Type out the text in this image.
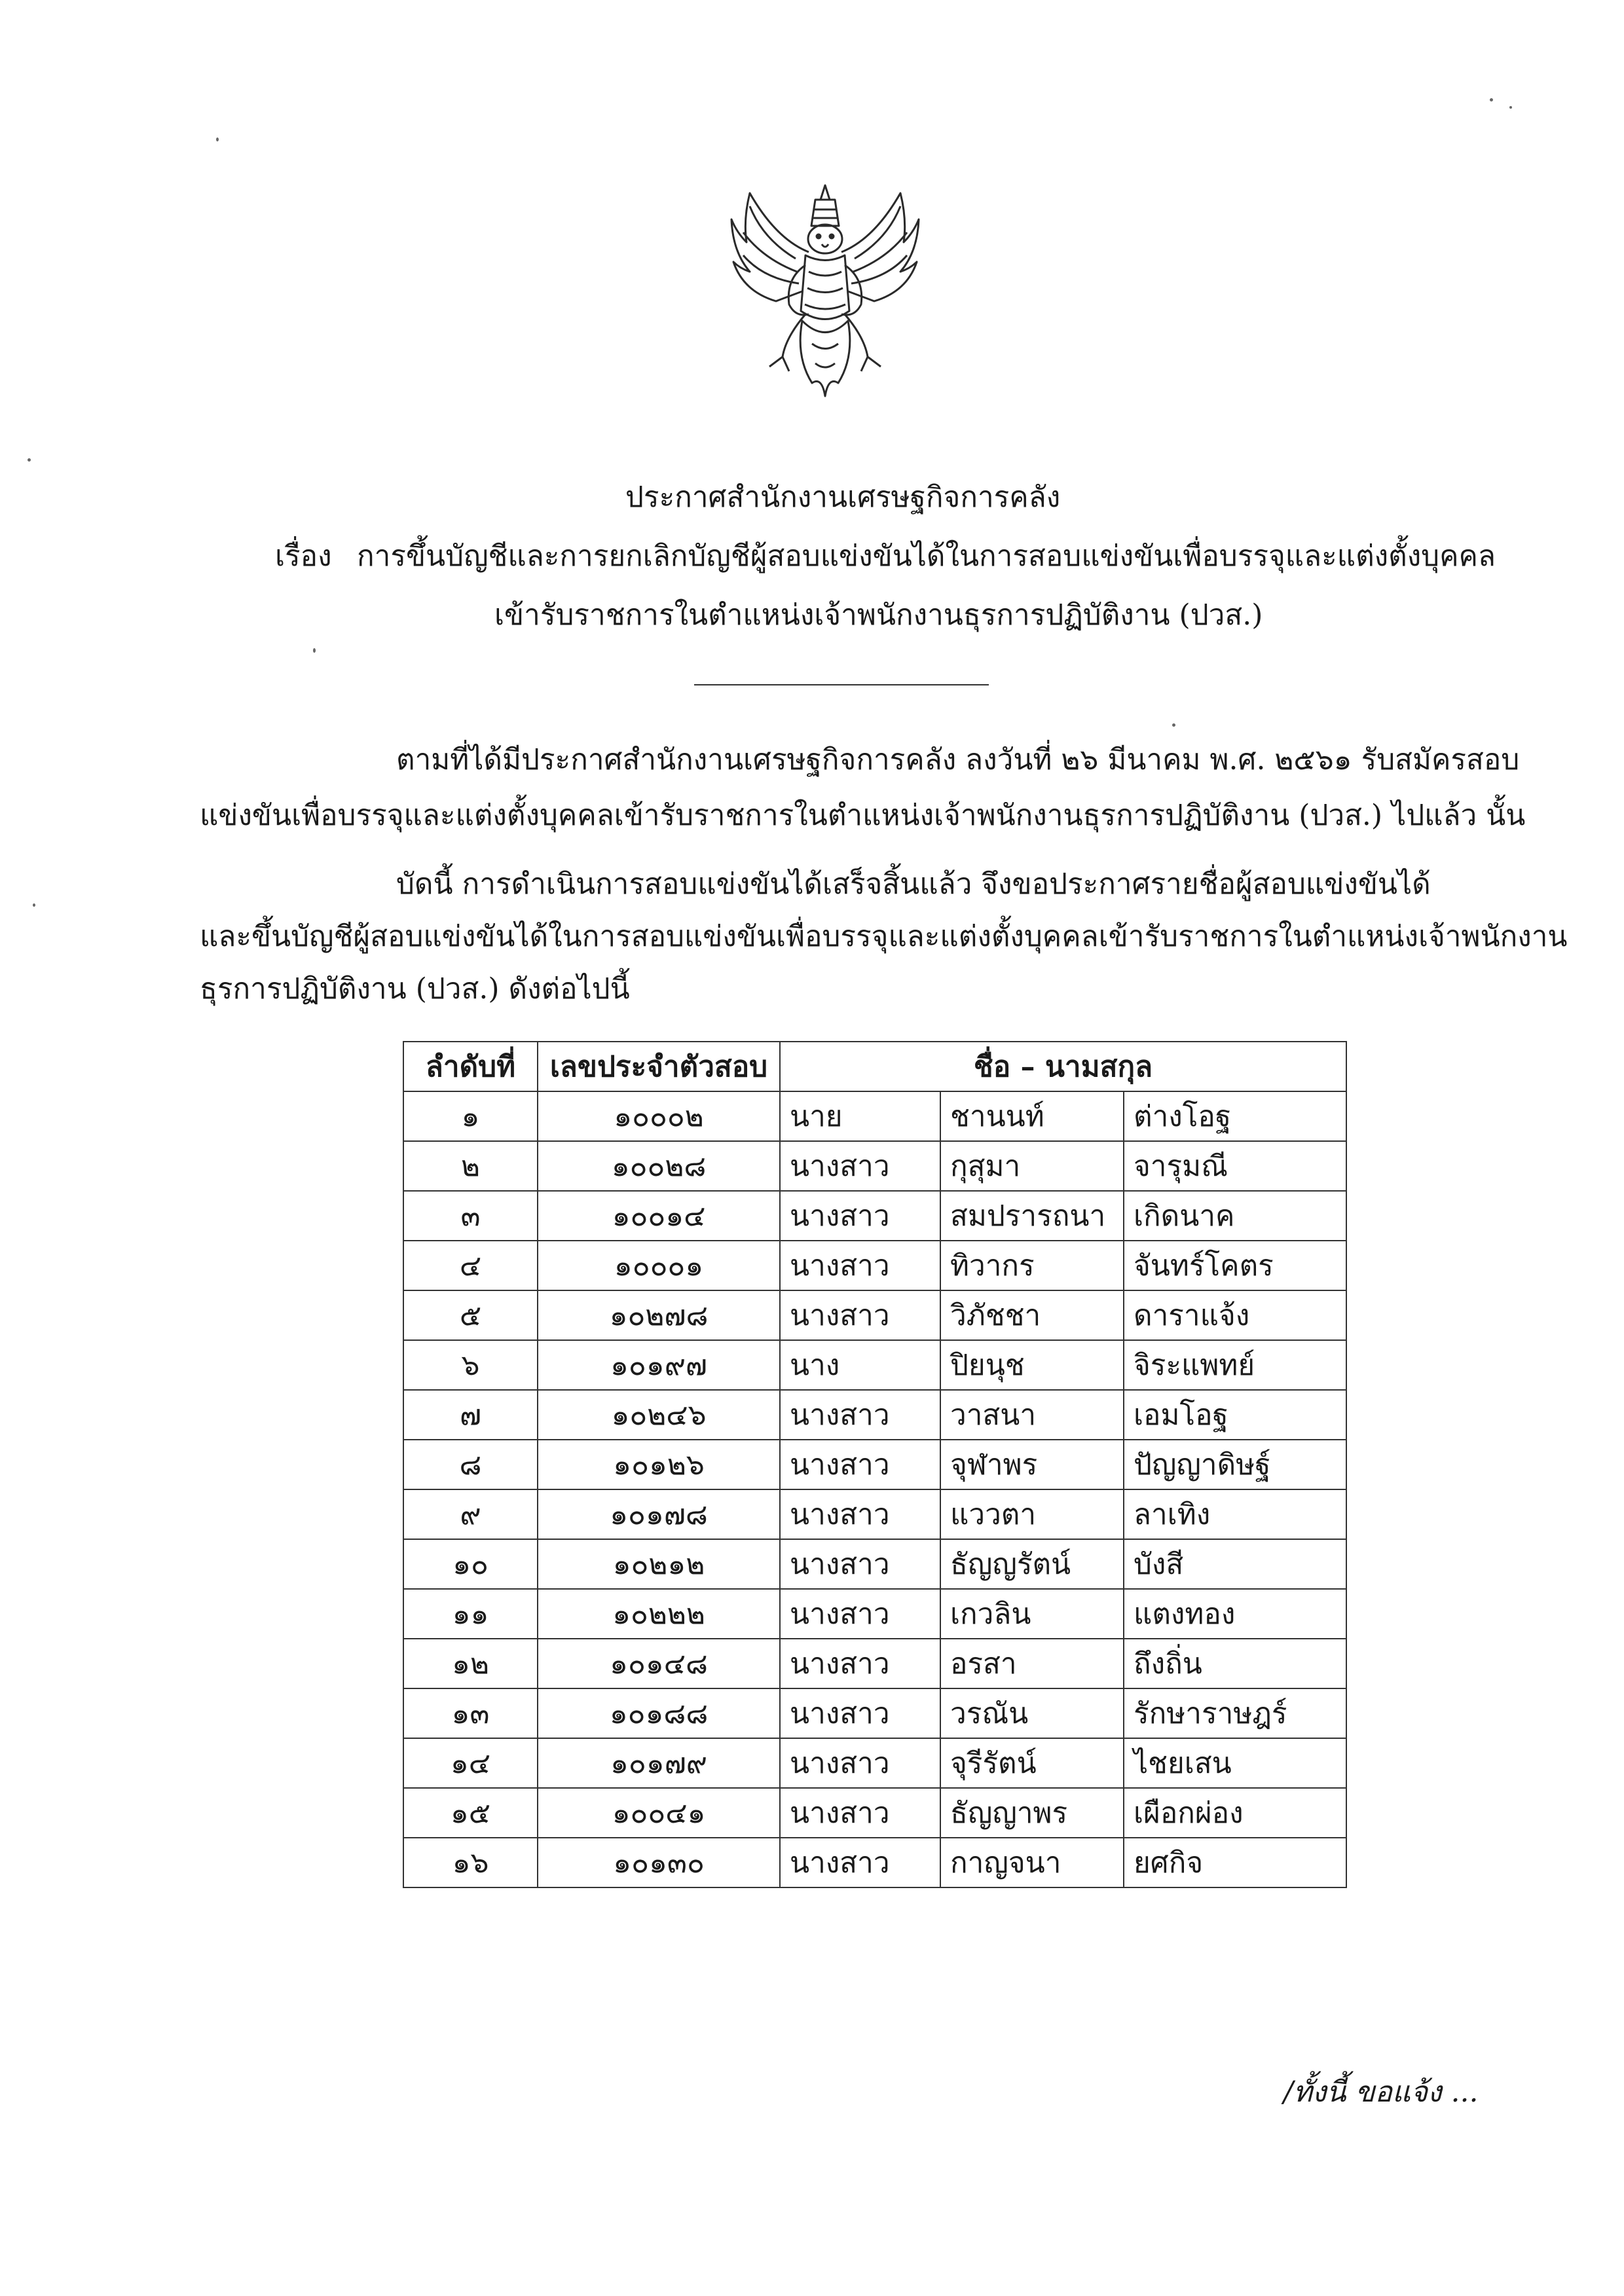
ประกาศสำนักงานเศรษฐกิจการคลัง
เรื่อง การขึ้นบัญชีและการยกเลิกบัญชีผู้สอบแข่งขันได้ในการสอบแข่งขันเพื่อบรรจุและแต่งตั้งบุคคล
เข้ารับราชการในตำแหน่งเจ้าพนักงานธุรการปฏิบัติงาน (ปวส.)
ตามที่ได้มีประกาศสำนักงานเศรษฐกิจการคลัง ลงวันที่ ๒๖ มีนาคม พ.ศ. ๒๕๖๑ รับสมัครสอบ
แข่งขันเพื่อบรรจุและแต่งตั้งบุคคลเข้ารับราชการในตำแหน่งเจ้าพนักงานธุรการปฏิบัติงาน (ปวส.) ไปแล้ว นั้น
บัดนี้ การดำเนินการสอบแข่งขันได้เสร็จสิ้นแล้ว จึงขอประกาศรายชื่อผู้สอบแข่งขันได้
และขึ้นบัญชีผู้สอบแข่งขันได้ในการสอบแข่งขันเพื่อบรรจุและแต่งตั้งบุคคลเข้ารับราชการในตำแหน่งเจ้าพนักงาน
ธุรการปฏิบัติงาน (ปวส.) ดังต่อไปนี้
ลำดับที่	เลขประจำตัวสอบ	ชื่อ – นามสกุล		
๑	๑๐๐๐๒	นาย	ชานนท์	ต่างโอฐ
๒	๑๐๐๒๘	นางสาว	กุสุมา	จารุมณี
๓	๑๐๐๑๔	นางสาว	สมปรารถนา	เกิดนาค
๔	๑๐๐๐๑	นางสาว	ทิวากร	จันทร์โคตร
๕	๑๐๒๗๘	นางสาว	วิภัชชา	ดาราแจ้ง
๖	๑๐๑๙๗	นาง	ปิยนุช	จิระแพทย์
๗	๑๐๒๔๖	นางสาว	วาสนา	เอมโอฐ
๘	๑๐๑๒๖	นางสาว	จุฬาพร	ปัญญาดิษฐ์
๙	๑๐๑๗๘	นางสาว	แววตา	ลาเทิง
๑๐	๑๐๒๑๒	นางสาว	ธัญญรัตน์	บังสี
๑๑	๑๐๒๒๒	นางสาว	เกวลิน	แตงทอง
๑๒	๑๐๑๔๘	นางสาว	อรสา	ถึงถิ่น
๑๓	๑๐๑๘๘	นางสาว	วรณัน	รักษาราษฎร์
๑๔	๑๐๑๗๙	นางสาว	จุรีรัตน์	ไชยเสน
๑๕	๑๐๐๔๑	นางสาว	ธัญญาพร	เผือกผ่อง
๑๖	๑๐๑๓๐	นางสาว	กาญจนา	ยศกิจ
/ทั้งนี้ ขอแจ้ง ...
